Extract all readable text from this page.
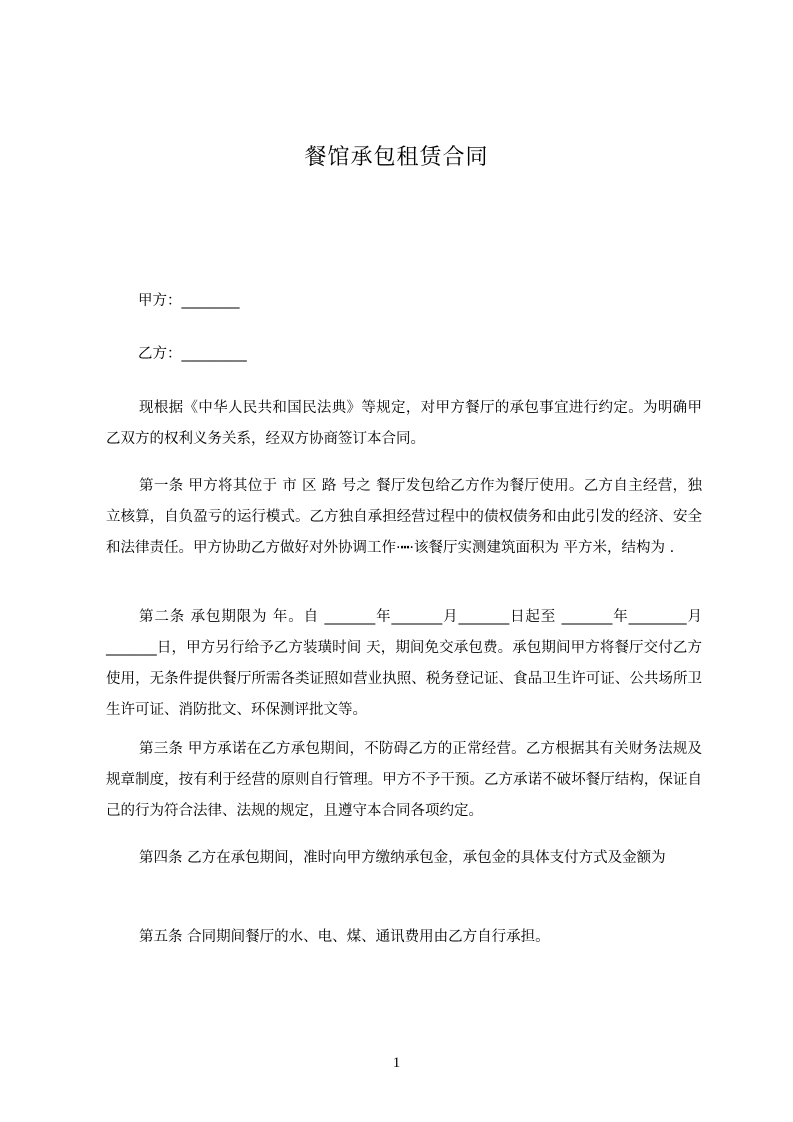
餐馆承包租赁合同
甲方：________
乙方：_________

现根据《中华人民共和国民法典》等规定，对甲方餐厅的承包事宜进行约定。为明确甲乙双方的权利义务关系，经双方协商签订本合同。

第一条 甲方将其位于 市 区 路 号之 餐厅发包给乙方作为餐厅使用。乙方自主经营，独立核算，自负盈亏的运行模式。乙方独自承担经营过程中的债权债务和由此引发的经济、安全和法律责任。甲方协助乙方做好对外协调工作·┅·该餐厅实测建筑面积为 平方米，结构为 .

第二条 承包期限为 年。自 _______年_______月_______日起至 _______年________月_______日，甲方另行给予乙方装璜时间 天，期间免交承包费。承包期间甲方将餐厅交付乙方使用，无条件提供餐厅所需各类证照如营业执照、税务登记证、食品卫生许可证、公共场所卫生许可证、消防批文、环保测评批文等。

第三条 甲方承诺在乙方承包期间，不防碍乙方的正常经营。乙方根据其有关财务法规及规章制度，按有利于经营的原则自行管理。甲方不予干预。乙方承诺不破坏餐厅结构，保证自己的行为符合法律、法规的规定，且遵守本合同各项约定。

第四条 乙方在承包期间，准时向甲方缴纳承包金，承包金的具体支付方式及金额为

第五条 合同期间餐厅的水、电、煤、通讯费用由乙方自行承担。

1
